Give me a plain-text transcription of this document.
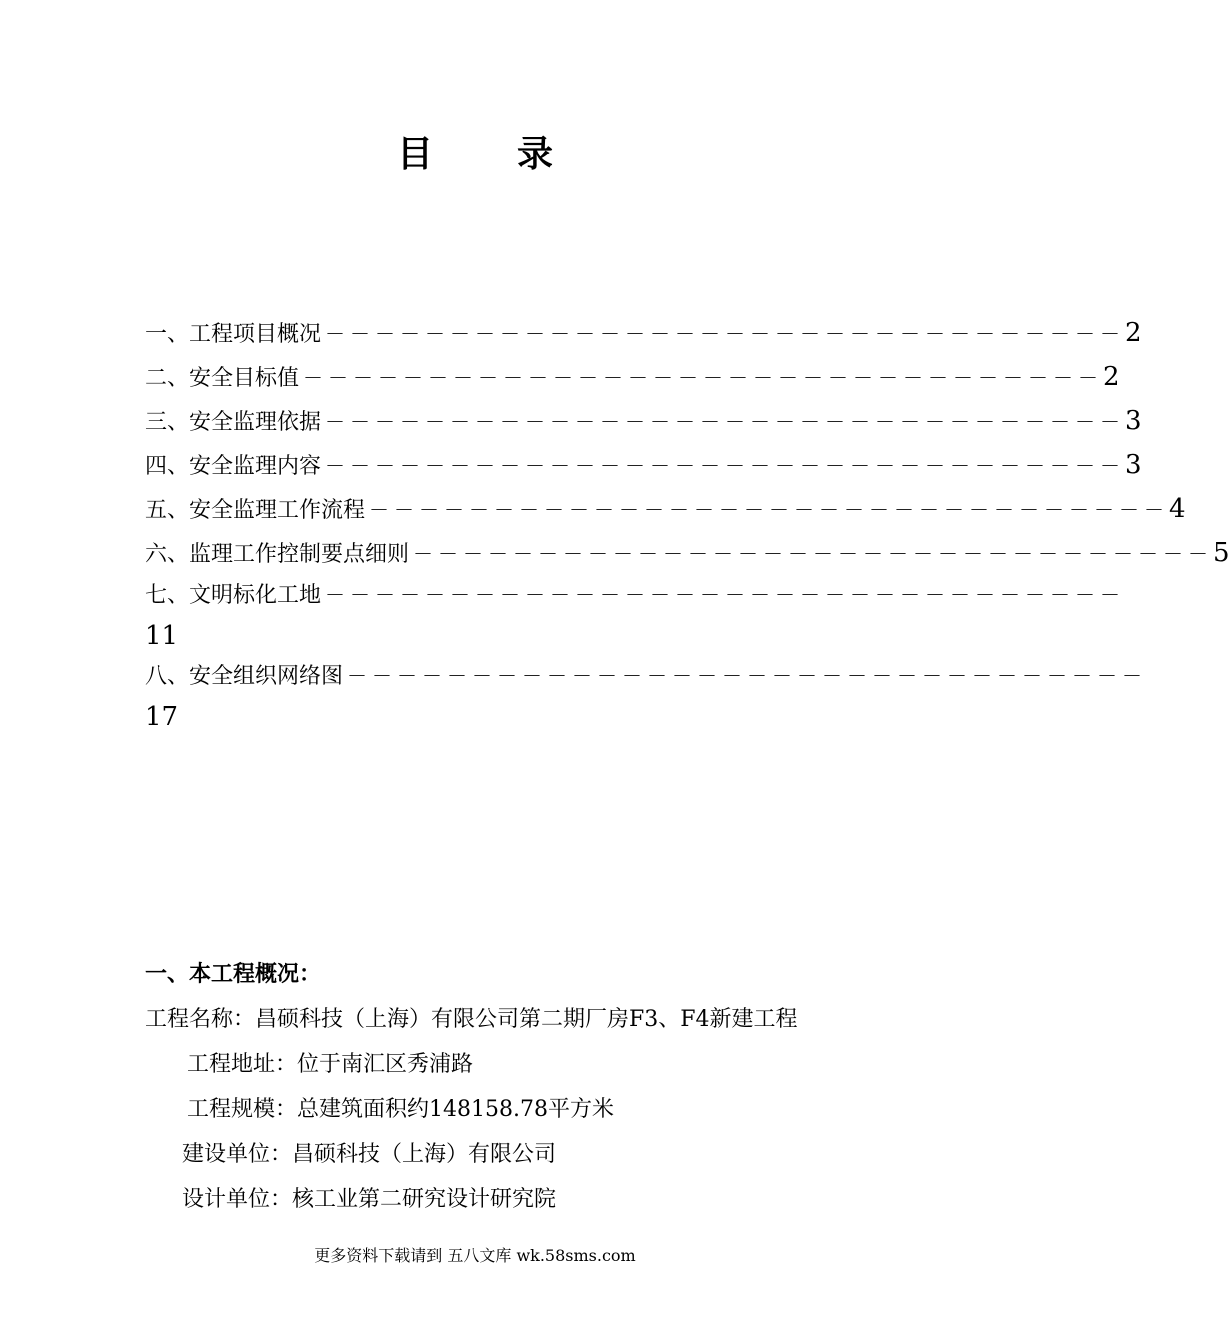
目 录
一、工程项目概况 －－－－－－－－－－－－－－－－－－－－－－－－－－－－－－－－ 2
二、安全目标值 －－－－－－－－－－－－－－－－－－－－－－－－－－－－－－－－ 2
三、安全监理依据 －－－－－－－－－－－－－－－－－－－－－－－－－－－－－－－－ 3
四、安全监理内容 －－－－－－－－－－－－－－－－－－－－－－－－－－－－－－－－ 3
五、安全监理工作流程 －－－－－－－－－－－－－－－－－－－－－－－－－－－－－－－－ 4
六、监理工作控制要点细则 －－－－－－－－－－－－－－－－－－－－－－－－－－－－－－－－ 5
七、文明标化工地 －－－－－－－－－－－－－－－－－－－－－－－－－－－－－－－－
11
八、安全组织网络图 －－－－－－－－－－－－－－－－－－－－－－－－－－－－－－－－
17
一、本工程概况：
工程名称：昌硕科技（上海）有限公司第二期厂房F3、F4新建工程
工程地址：位于南汇区秀浦路
工程规模：总建筑面积约148158.78平方米
建设单位：昌硕科技（上海）有限公司
设计单位：核工业第二研究设计研究院
更多资料下载请到 五八文库 wk.58sms.com
